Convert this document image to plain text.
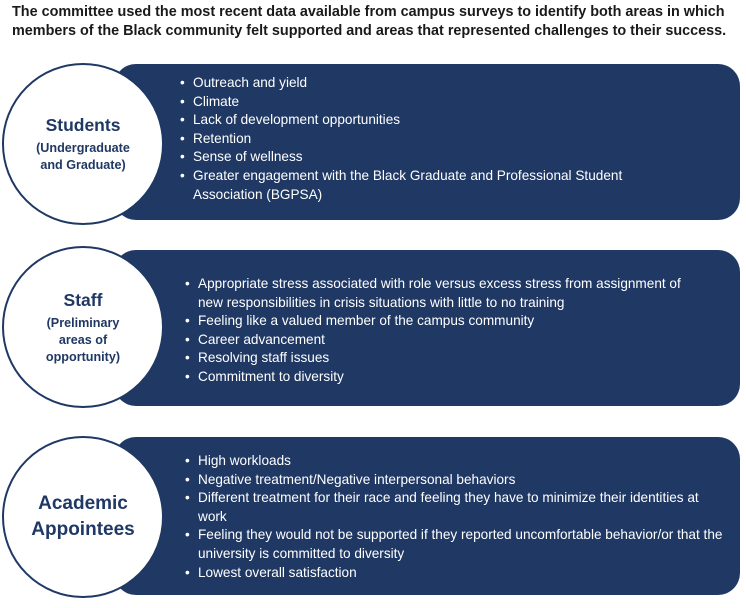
The committee used the most recent data available from campus surveys to identify both areas in which members of the Black community felt supported and areas that represented challenges to their success.
• Outreach and yield
• Climate
• Lack of development opportunities
• Retention
• Sense of wellness
• Greater engagement with the Black Graduate and Professional Student Association (BGPSA)
Students
(Undergraduate and Graduate)
• Appropriate stress associated with role versus excess stress from assignment of new responsibilities in crisis situations with little to no training
• Feeling like a valued member of the campus community
• Career advancement
• Resolving staff issues
• Commitment to diversity
Staff
(Preliminary areas of opportunity)
• High workloads
• Negative treatment/Negative interpersonal behaviors
• Different treatment for their race and feeling they have to minimize their identities at work
• Feeling they would not be supported if they reported uncomfortable behavior/or that the university is committed to diversity
• Lowest overall satisfaction
Academic Appointees
